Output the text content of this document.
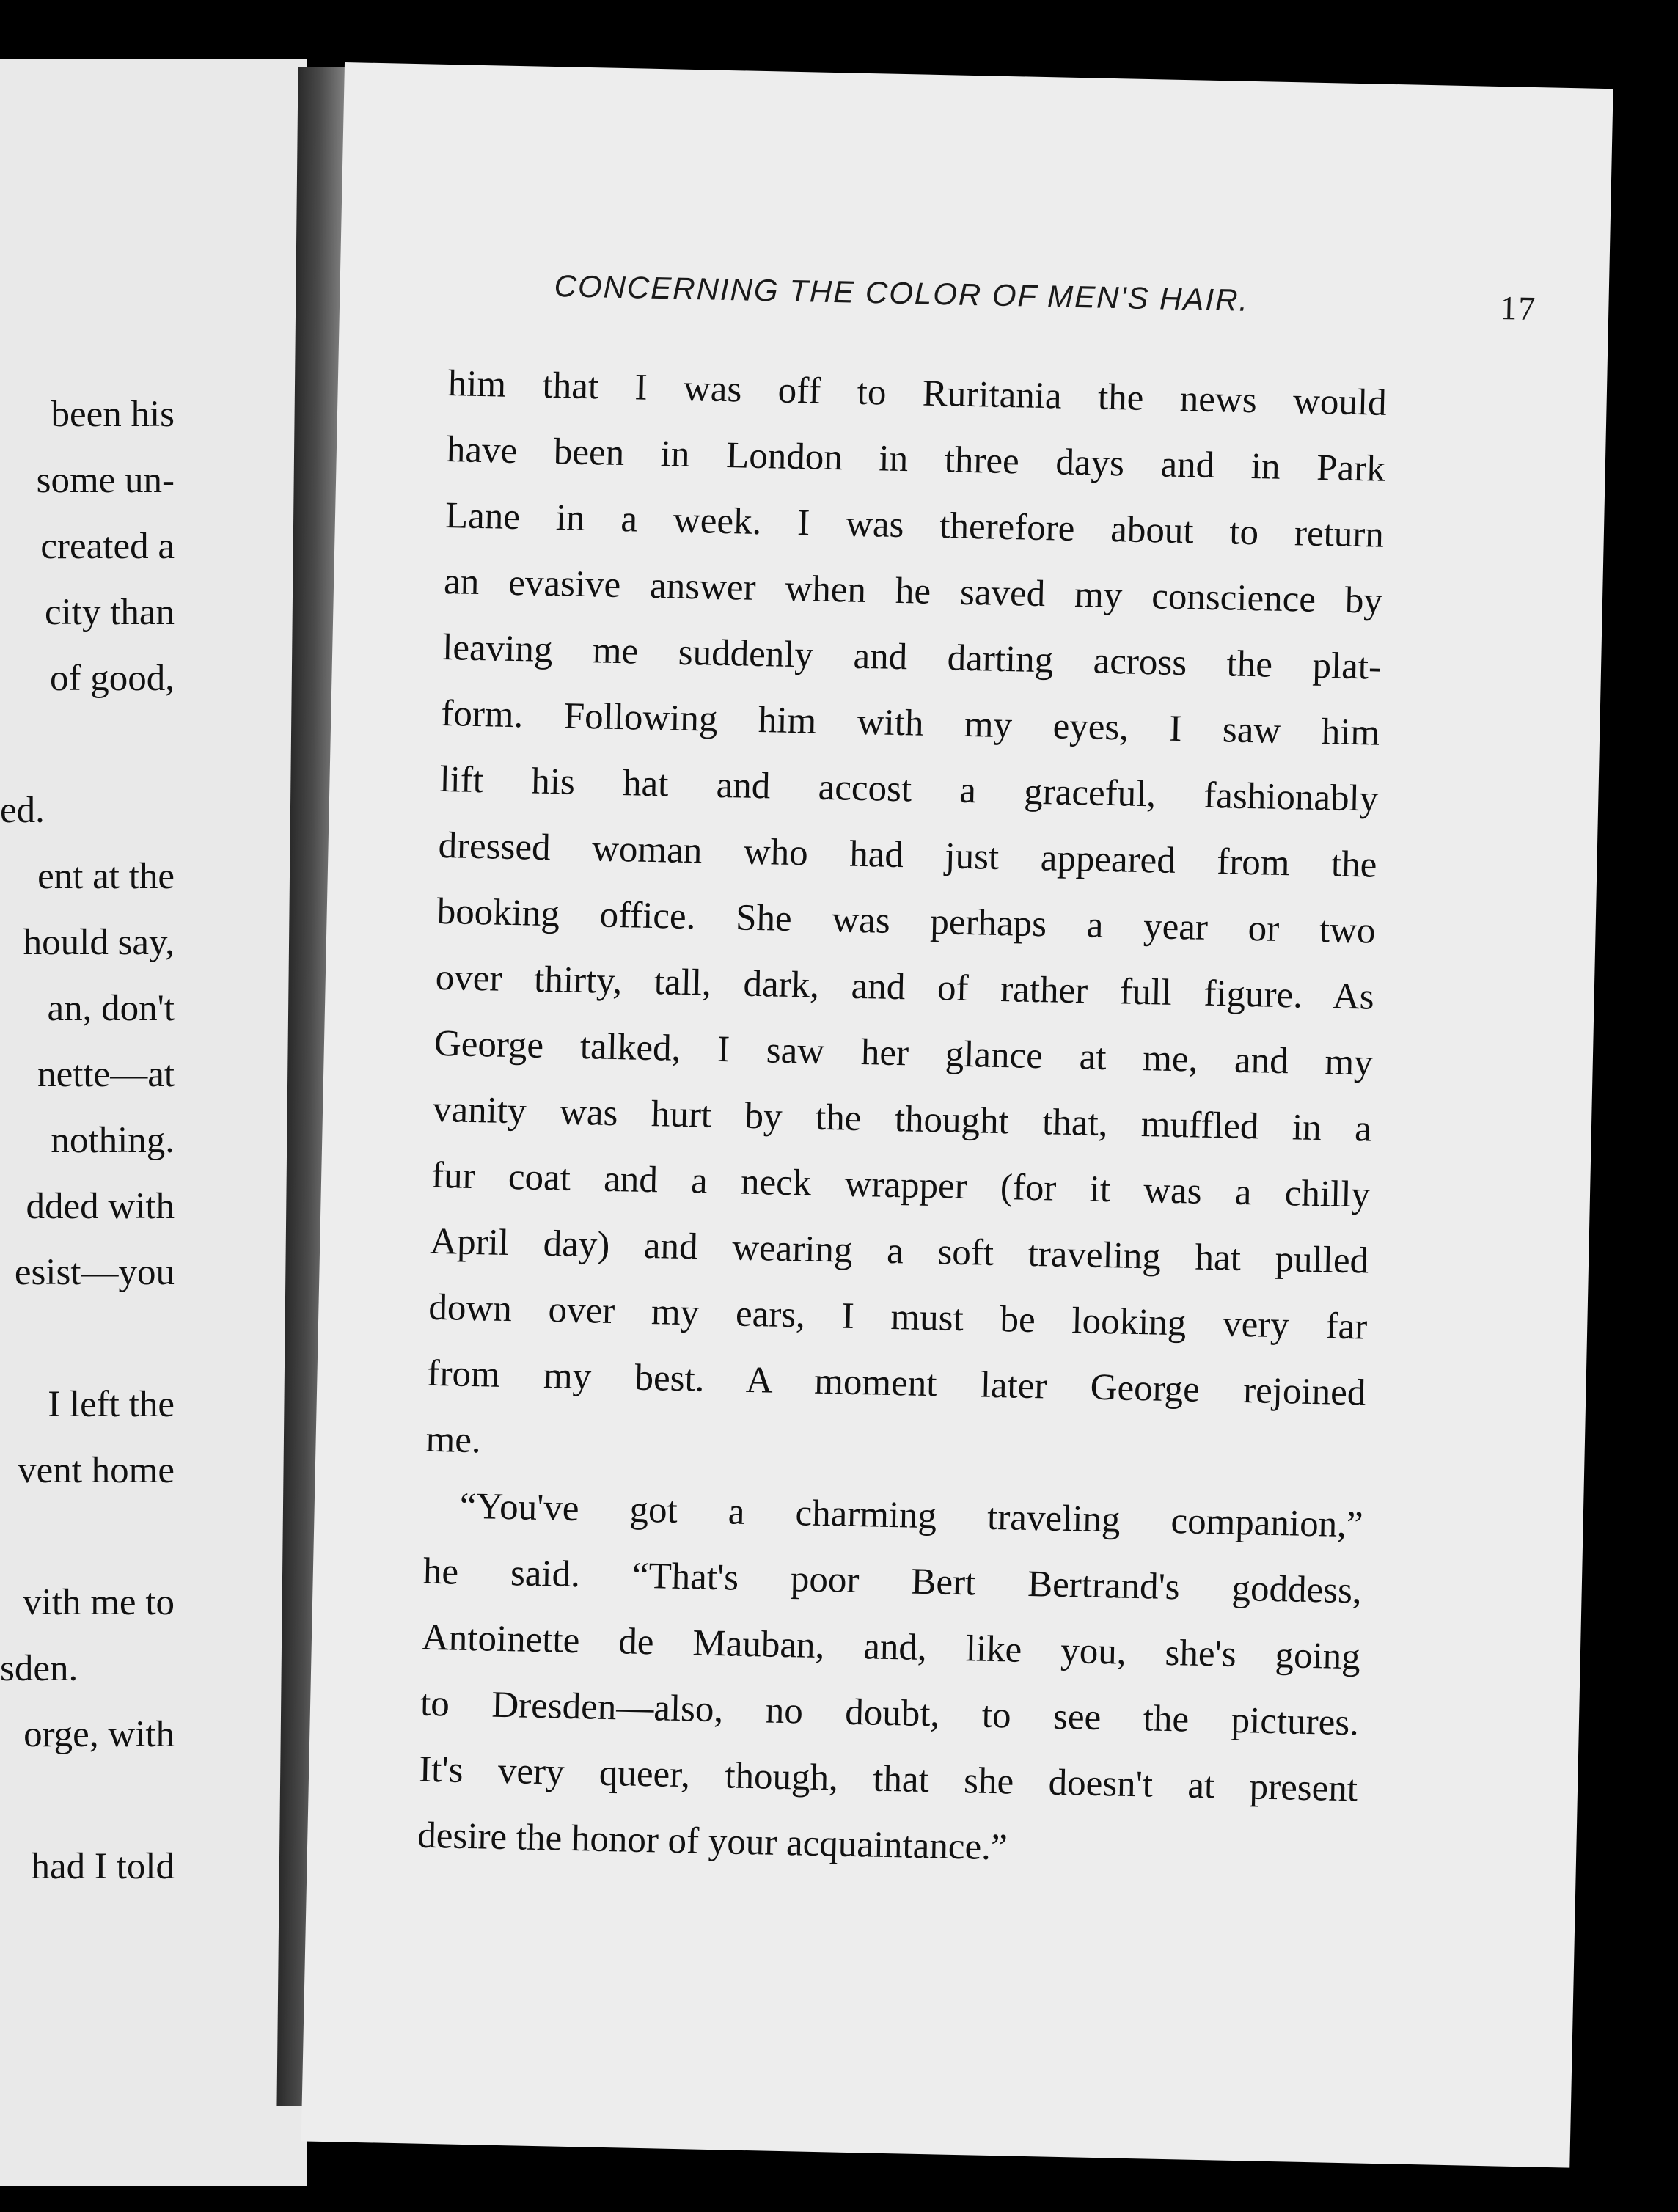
been his
some un-
created a
city than
of good,
ed.
ent at the
hould say,
an, don't
nette—at
nothing.
dded with
esist—you
I left the
vent home
vith me to
sden.
orge, with
had I told
CONCERNING THE COLOR OF MEN'S HAIR.	17
him that I was off to Ruritania the news would
have been in London in three days and in Park
Lane in a week. I was therefore about to return
an evasive answer when he saved my conscience by
leaving me suddenly and darting across the plat-
form. Following him with my eyes, I saw him
lift his hat and accost a graceful, fashionably
dressed woman who had just appeared from the
booking office. She was perhaps a year or two
over thirty, tall, dark, and of rather full figure. As
George talked, I saw her glance at me, and my
vanity was hurt by the thought that, muffled in a
fur coat and a neck wrapper (for it was a chilly
April day) and wearing a soft traveling hat pulled
down over my ears, I must be looking very far
from my best. A moment later George rejoined
me.
“You've got a charming traveling companion,”
he said. “That's poor Bert Bertrand's goddess,
Antoinette de Mauban, and, like you, she's going
to Dresden—also, no doubt, to see the pictures.
It's very queer, though, that she doesn't at present
desire the honor of your acquaintance.”
